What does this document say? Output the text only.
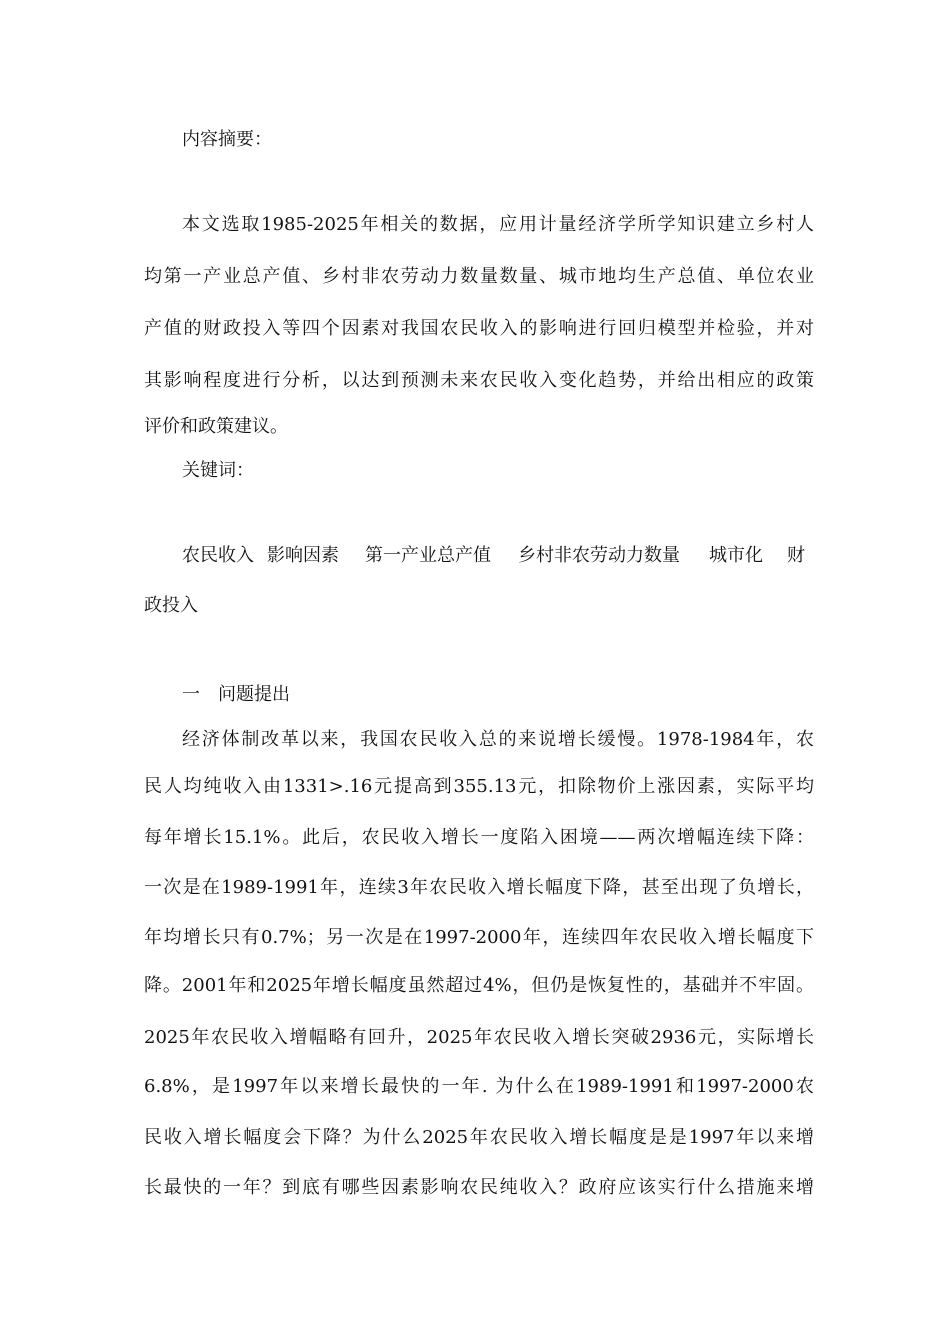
内容摘要：
本文选取1985-2025年相关的数据，应用计量经济学所学知识建立乡村人
均第一产业总产值、乡村非农劳动力数量数量、城市地均生产总值、单位农业
产值的财政投入等四个因素对我国农民收入的影响进行回归模型并检验，并对
其影响程度进行分析，以达到预测未来农民收入变化趋势，并给出相应的政策
评价和政策建议。
关键词：
农民收入 影响因素 第一产业总产值 乡村非农劳动力数量 城市化 财
政投入
一　问题提出
经济体制改革以来，我国农民收入总的来说增长缓慢。1978-1984年，农
民人均纯收入由1331>.16元提高到355.13元，扣除物价上涨因素，实际平均
每年增长15.1%。此后，农民收入增长一度陷入困境——两次增幅连续下降：
一次是在1989-1991年，连续3年农民收入增长幅度下降，甚至出现了负增长，
年均增长只有0.7%；另一次是在1997-2000年，连续四年农民收入增长幅度下
降。2001年和2025年增长幅度虽然超过4%，但仍是恢复性的，基础并不牢固。
2025年农民收入增幅略有回升，2025年农民收入增长突破2936元，实际增长
6.8%，是1997年以来增长最快的一年. 为什么在1989-1991和1997-2000农
民收入增长幅度会下降？为什么2025年农民收入增长幅度是是1997年以来增
长最快的一年？到底有哪些因素影响农民纯收入？政府应该实行什么措施来增
